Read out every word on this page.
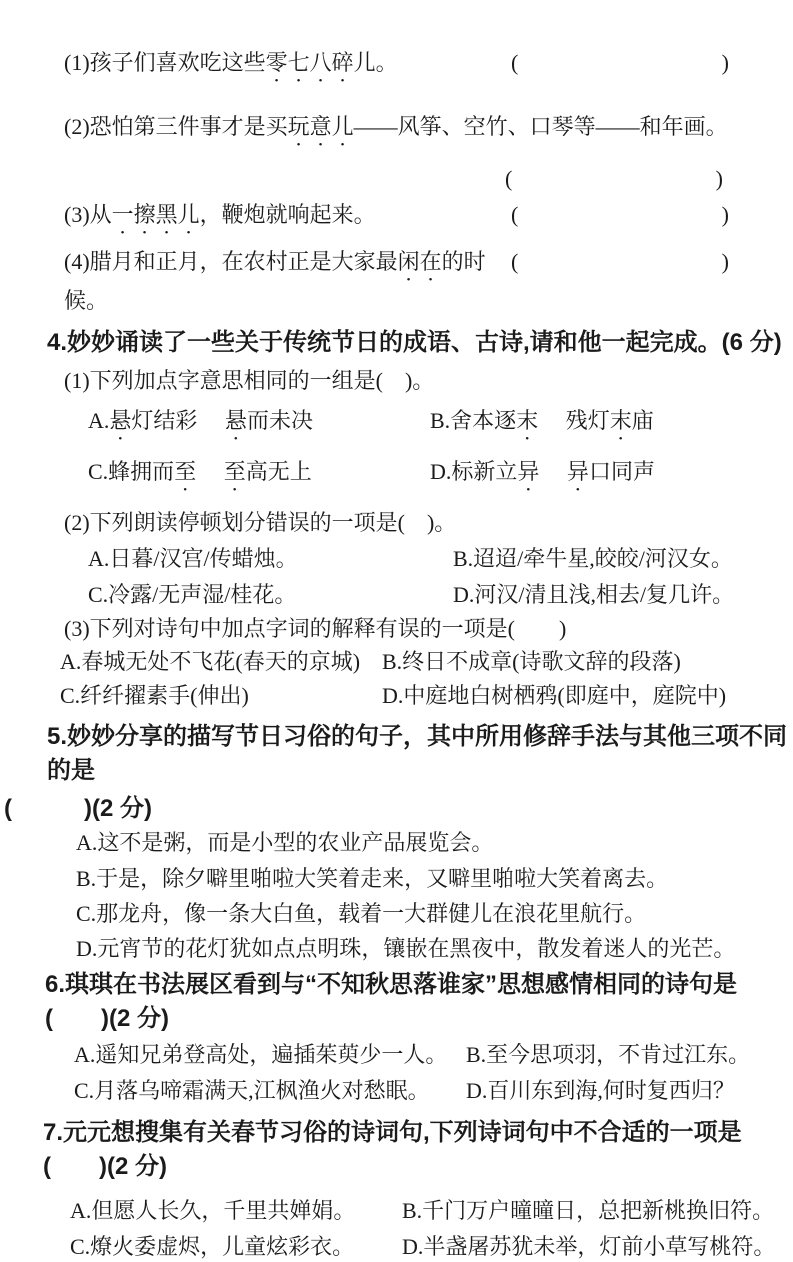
(1)孩子们喜欢吃这些零七八碎儿。	(	)
(2)恐怕第三件事才是买玩意儿——风筝、空竹、口琴等——和年画。
(	)
(3)从一擦黑儿，鞭炮就响起来。	(	)
(4)腊月和正月，在农村正是大家最闲在的时候。
(	)
4.妙妙诵读了一些关于传统节日的成语、古诗,请和他一起完成。(6 分)
(1)下列加点字意思相同的一组是(　)。
A.悬灯结彩　 悬而未决	B.舍本逐末　 残灯末庙
C.蜂拥而至　 至高无上	D.标新立异　 异口同声
(2)下列朗读停顿划分错误的一项是(　)。
A.日暮/汉宫/传蜡烛。	B.迢迢/牵牛星,皎皎/河汉女。
C.冷露/无声湿/桂花。	D.河汉/清且浅,相去/复几许。
(3)下列对诗句中加点字词的解释有误的一项是(　　)
A.春城无处不飞花(春天的京城) B.终日不成章(诗歌文辞的段落)
C.纤纤擢素手(伸出)	D.中庭地白树栖鸦(即庭中，庭院中)
5.妙妙分享的描写节日习俗的句子，其中所用修辞手法与其他三项不同的是
(　　　)(2 分)
A.这不是粥，而是小型的农业产品展览会。
B.于是，除夕噼里啪啦大笑着走来，又噼里啪啦大笑着离去。
C.那龙舟，像一条大白鱼，载着一大群健儿在浪花里航行。
D.元宵节的花灯犹如点点明珠，镶嵌在黑夜中，散发着迷人的光芒。
6.琪琪在书法展区看到与“不知秋思落谁家”思想感情相同的诗句是(　　)(2 分)
A.遥知兄弟登高处，遍插茱萸少一人。 B.至今思项羽，不肯过江东。
C.月落乌啼霜满天,江枫渔火对愁眠。	D.百川东到海,何时复西归？
7.元元想搜集有关春节习俗的诗词句,下列诗词句中不合适的一项是(　　)(2 分)
A.但愿人长久，千里共婵娟。	B.千门万户曈曈日，总把新桃换旧符。
C.燎火委虚烬，儿童炫彩衣。	D.半盏屠苏犹未举，灯前小草写桃符。
